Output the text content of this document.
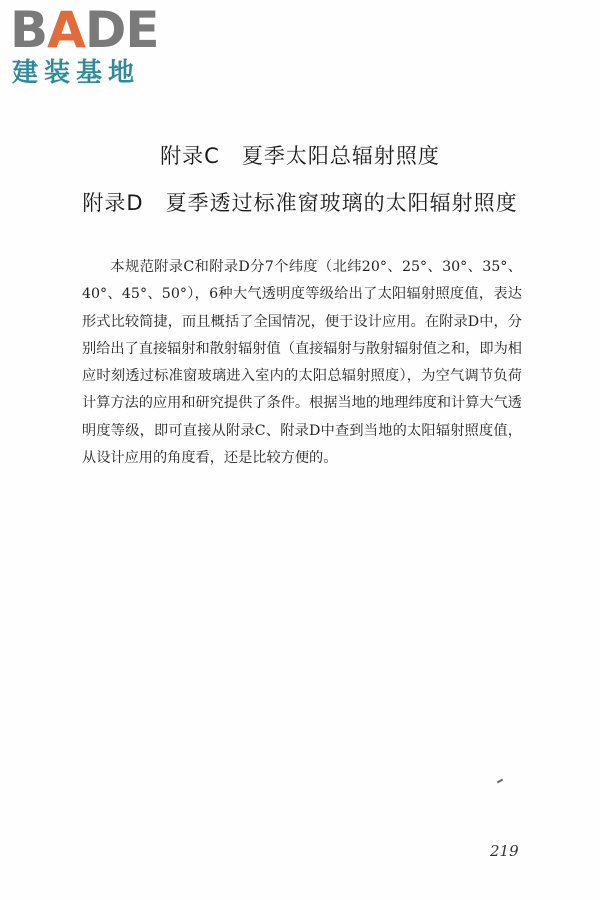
BADE
建装基地
附录C　夏季太阳总辐射照度
附录D　夏季透过标准窗玻璃的太阳辐射照度
本规范附录C和附录D分7个纬度（北纬20°、25°、30°、35°、40°、45°、50°），6种大气透明度等级给出了太阳辐射照度值，表达形式比较简捷，而且概括了全国情况，便于设计应用。在附录D中，分别给出了直接辐射和散射辐射值（直接辐射与散射辐射值之和，即为相应时刻透过标准窗玻璃进入室内的太阳总辐射照度），为空气调节负荷计算方法的应用和研究提供了条件。根据当地的地理纬度和计算大气透明度等级，即可直接从附录C、附录D中查到当地的太阳辐射照度值，从设计应用的角度看，还是比较方便的。
219
